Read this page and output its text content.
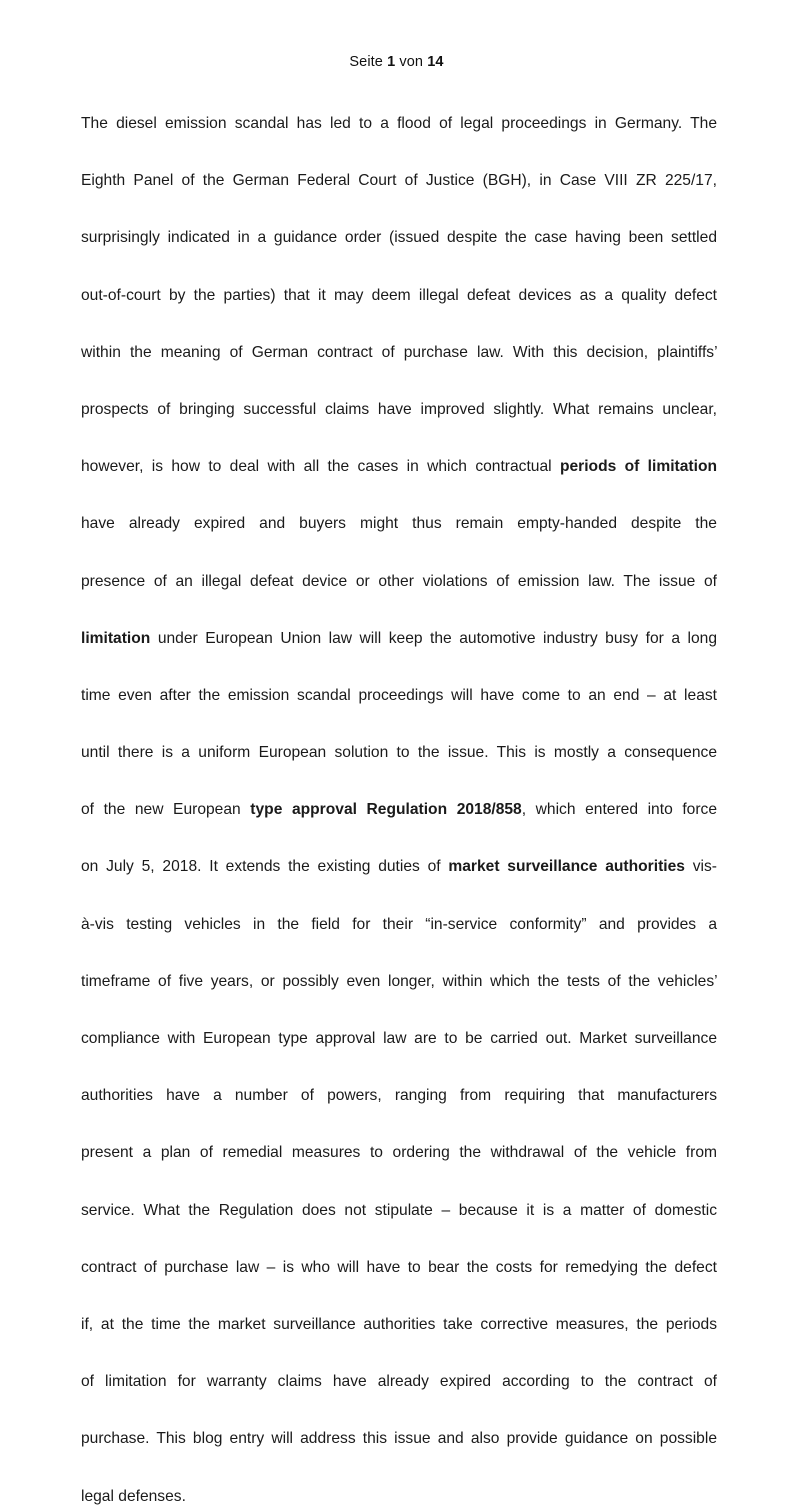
Seite 1 von 14

The diesel emission scandal has led to a flood of legal proceedings in Germany. The Eighth Panel of the German Federal Court of Justice (BGH), in Case VIII ZR 225/17, surprisingly indicated in a guidance order (issued despite the case having been settled out-of-court by the parties) that it may deem illegal defeat devices as a quality defect within the meaning of German contract of purchase law. With this decision, plaintiffs’ prospects of bringing successful claims have improved slightly. What remains unclear, however, is how to deal with all the cases in which contractual periods of limitation have already expired and buyers might thus remain empty-handed despite the presence of an illegal defeat device or other violations of emission law. The issue of limitation under European Union law will keep the automotive industry busy for a long time even after the emission scandal proceedings will have come to an end – at least until there is a uniform European solution to the issue. This is mostly a consequence of the new European type approval Regulation 2018/858, which entered into force on July 5, 2018. It extends the existing duties of market surveillance authorities vis- à-vis testing vehicles in the field for their “in-service conformity” and provides a timeframe of five years, or possibly even longer, within which the tests of the vehicles’ compliance with European type approval law are to be carried out. Market surveillance authorities have a number of powers, ranging from requiring that manufacturers present a plan of remedial measures to ordering the withdrawal of the vehicle from service. What the Regulation does not stipulate – because it is a matter of domestic contract of purchase law – is who will have to bear the costs for remedying the defect if, at the time the market surveillance authorities take corrective measures, the periods of limitation for warranty claims have already expired according to the contract of purchase. This blog entry will address this issue and also provide guidance on possible legal defenses.
